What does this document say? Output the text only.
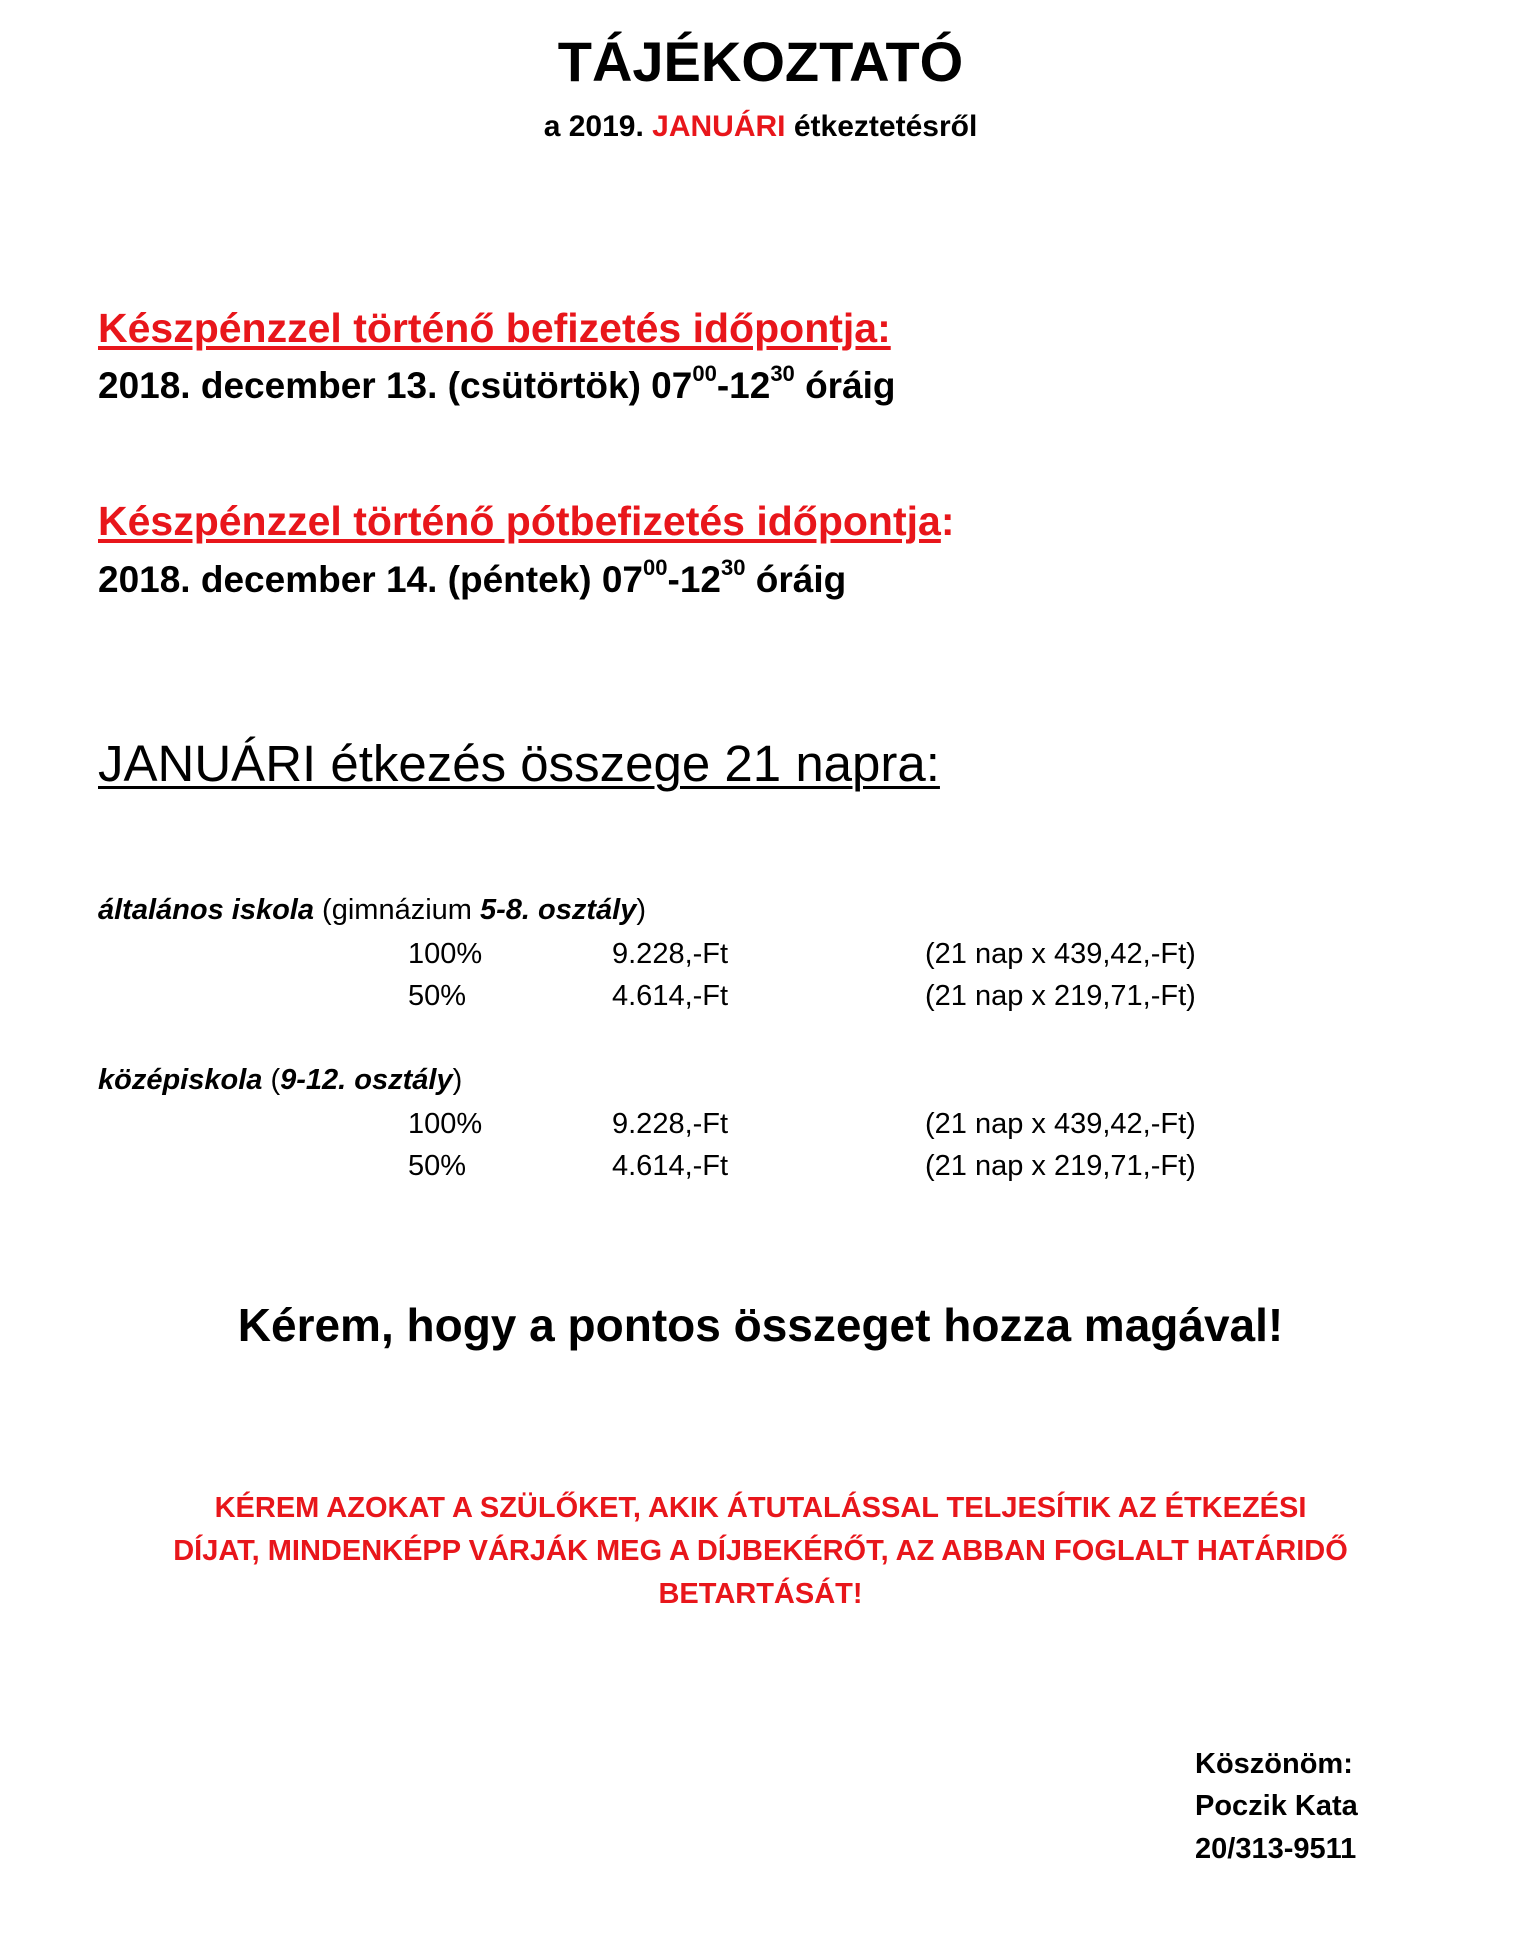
TÁJÉKOZTATÓ
a 2019. JANUÁRI étkeztetésről
Készpénzzel történő befizetés időpontja:
2018. december 13. (csütörtök) $07^{00}-12^{30}$ óráig
Készpénzzel történő pótbefizetés időpontja:
2018. december 14. (péntek) $07^{00}-12^{30}$ óráig
JANUÁRI étkezés összege 21 napra:
általános iskola (gimnázium 5-8. osztály)
100%	9.228,-Ft	(21 nap x 439,42,-Ft)
50%	4.614,-Ft	(21 nap x 219,71,-Ft)
középiskola (9-12. osztály)
100%	9.228,-Ft	(21 nap x 439,42,-Ft)
50%	4.614,-Ft	(21 nap x 219,71,-Ft)
Kérem, hogy a pontos összeget hozza magával!
KÉREM AZOKAT A SZÜLŐKET, AKIK ÁTUTALÁSSAL TELJESÍTIK AZ ÉTKEZÉSI
DÍJAT, MINDENKÉPP VÁRJÁK MEG A DÍJBEKÉRŐT, AZ ABBAN FOGLALT HATÁRIDŐ
BETARTÁSÁT!
Köszönöm:
Poczik Kata
20/313-9511
